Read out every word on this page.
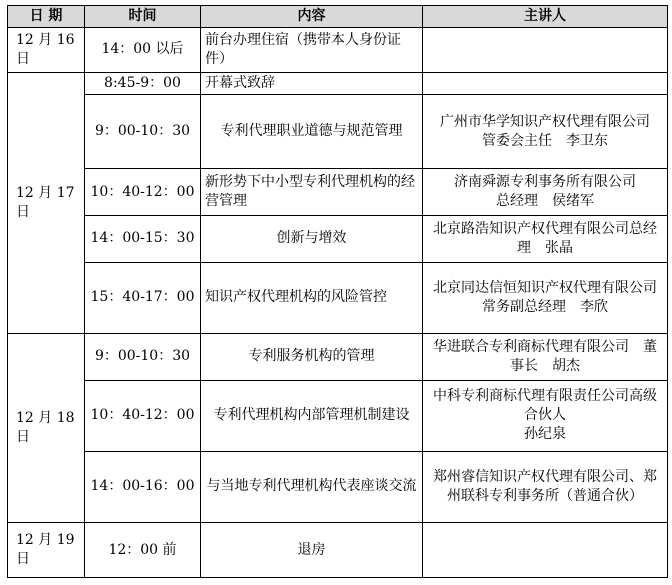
日 期	时间	内容	主讲人
12 月 16 日	14：00 以后	前台办理住宿（携带本人身份证件）	
12 月 17 日	8:45-9：00	开幕式致辞	
	9：00-10：30	专利代理职业道德与规范管理	广州市华学知识产权代理有限公司
管委会主任　李卫东

	10：40-12：00	新形势下中小型专利代理机构的经营管理	济南舜源专利事务所有限公司
总经理　侯绪军

	14：00-15：30	创新与增效	北京路浩知识产权代理有限公司总经理　张晶

	15：40-17：00	知识产权代理机构的风险管控	北京同达信恒知识产权代理有限公司
常务副总经理　李欣

12 月 18 日	9：00-10：30	专利服务机构的管理	华进联合专利商标代理有限公司　董事长　胡杰

	10：40-12：00	专利代理机构内部管理机制建设	中科专利商标代理有限责任公司高级合伙人
孙纪泉

	14：00-16：00	与当地专利代理机构代表座谈交流	郑州睿信知识产权代理有限公司、郑州联科专利事务所（普通合伙）

12 月 19 日	12：00 前	退房	
